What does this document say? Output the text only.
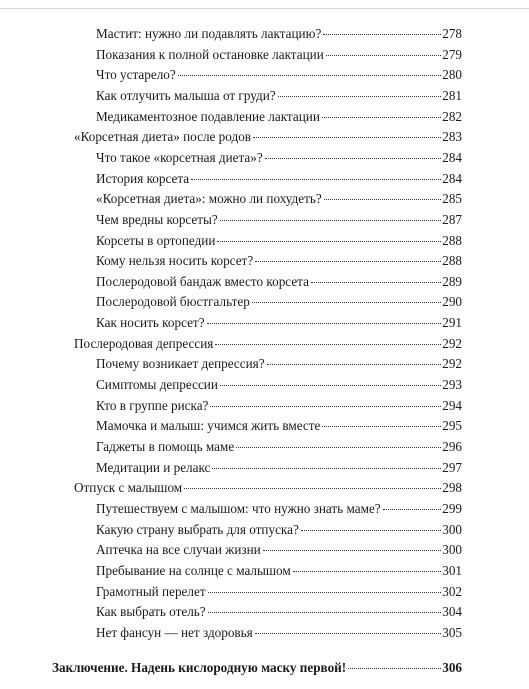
Мастит: нужно ли подавлять лактацию?	278
Показания к полной остановке лактации	279
Что устарело?	280
Как отлучить малыша от груди?	281
Медикаментозное подавление лактации	282
«Корсетная диета» после родов	283
Что такое «корсетная диета»?	284
История корсета	284
«Корсетная диета»: можно ли похудеть?	285
Чем вредны корсеты?	287
Корсеты в ортопедии	288
Кому нельзя носить корсет?	288
Послеродовой бандаж вместо корсета	289
Послеродовой бюстгальтер	290
Как носить корсет?	291
Послеродовая депрессия	292
Почему возникает депрессия?	292
Симптомы депрессии	293
Кто в группе риска?	294
Мамочка и малыш: учимся жить вместе	295
Гаджеты в помощь маме	296
Медитации и релакс	297
Отпуск с малышом	298
Путешествуем с малышом: что нужно знать маме?	299
Какую страну выбрать для отпуска?	300
Аптечка на все случаи жизни	300
Пребывание на солнце с малышом	301
Грамотный перелет	302
Как выбрать отель?	304
Нет фансун — нет здоровья	305
Заключение. Надень кислородную маску первой!	306
